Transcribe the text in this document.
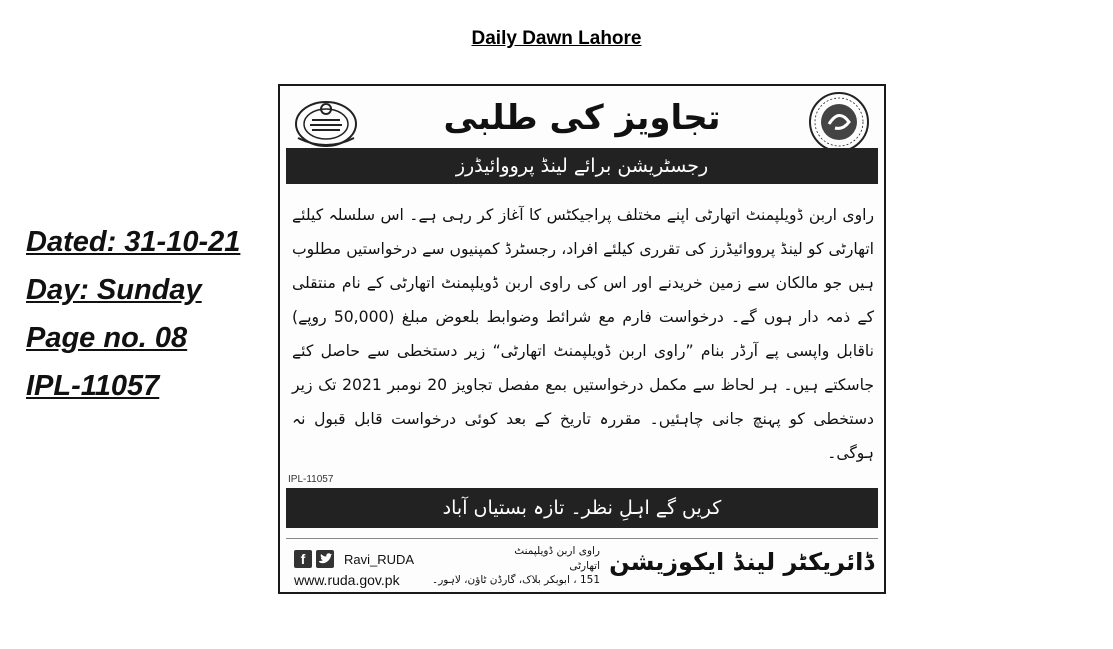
Daily Dawn Lahore
Dated: 31-10-21
Day: Sunday
Page no. 08
IPL-11057
تجاویز کی طلبی
رجسٹریشن برائے لینڈ پرووائیڈرز
راوی اربن ڈویلپمنٹ اتھارٹی اپنے مختلف پراجیکٹس کا آغاز کر رہی ہے۔ اس سلسلہ کیلئے اتھارٹی کو لینڈ پرووائیڈرز کی تقرری کیلئے افراد، رجسٹرڈ کمپنیوں سے درخواستیں مطلوب ہیں جو مالکان سے زمین خریدنے اور اس کی راوی اربن ڈویلپمنٹ اتھارٹی کے نام منتقلی کے ذمہ دار ہوں گے۔ درخواست فارم مع شرائط وضوابط بلعوض مبلغ (50,000 روپے) ناقابل واپسی پے آرڈر بنام ”راوی اربن ڈویلپمنٹ اتھارٹی“ زیر دستخطی سے حاصل کئے جاسکتے ہیں۔ ہر لحاظ سے مکمل درخواستیں بمع مفصل تجاویز 20 نومبر 2021 تک زیر دستخطی کو پہنچ جانی چاہئیں۔ مقررہ تاریخ کے بعد کوئی درخواست قابل قبول نہ ہوگی۔
IPL-11057
کریں گے اہلِ نظر۔ تازہ بستیاں آباد
f	Ravi_RUDA
www.ruda.gov.pk
راوی اربن ڈویلپمنٹ اتھارٹی
151 ، ابوبکر بلاک، گارڈن ٹاؤن، لاہور۔
ڈائریکٹر لینڈ ایکوزیشن
